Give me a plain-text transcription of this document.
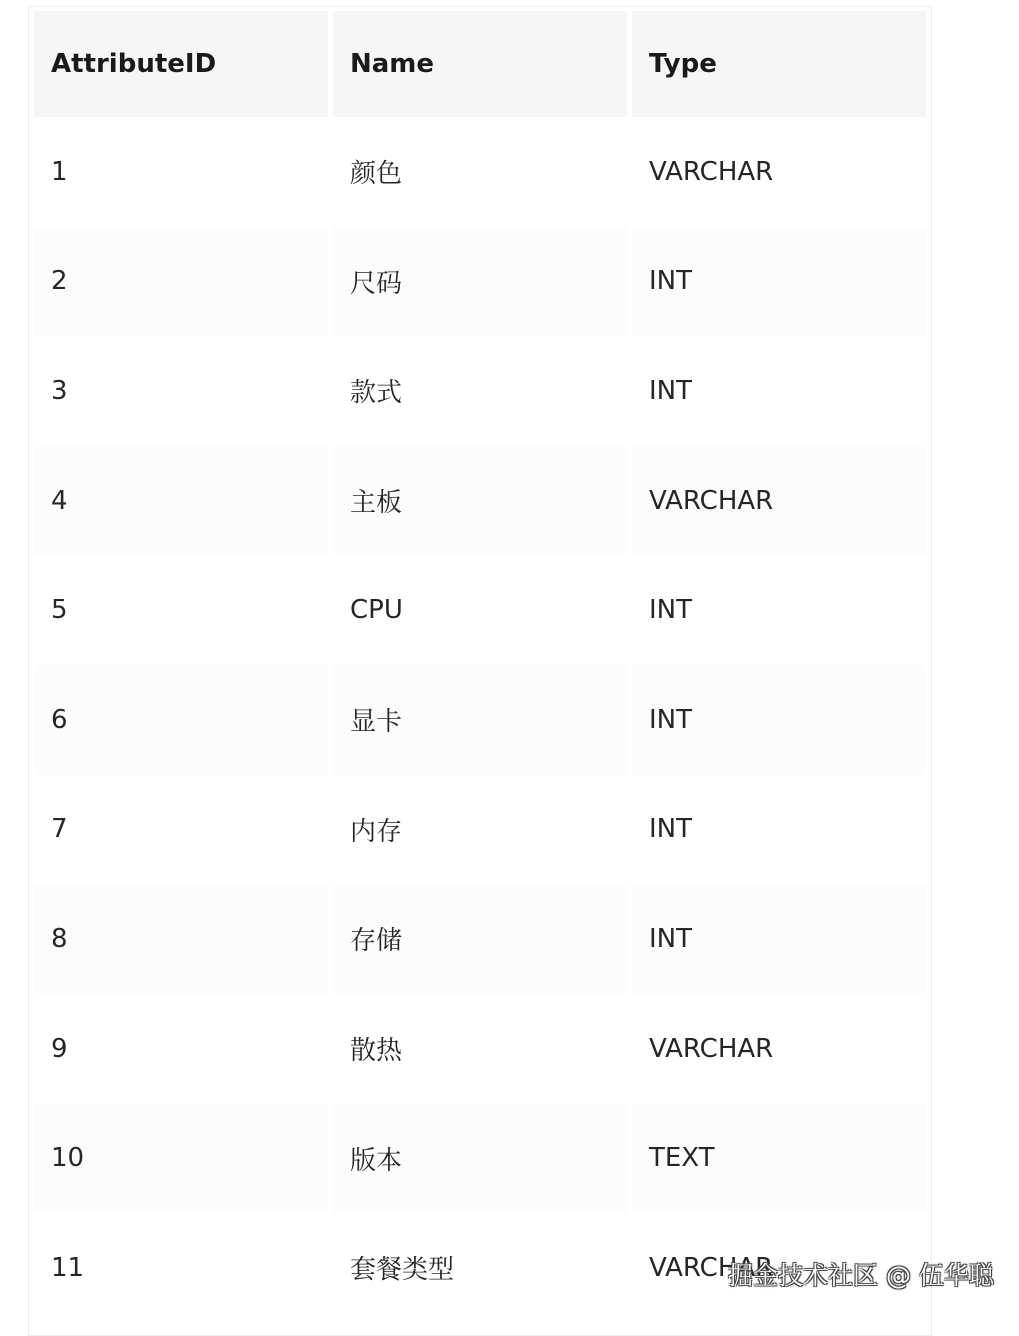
AttributeID	Name	Type
1	颜色	VARCHAR
2	尺码	INT
3	款式	INT
4	主板	VARCHAR
5	CPU	INT
6	显卡	INT
7	内存	INT
8	存储	INT
9	散热	VARCHAR
10	版本	TEXT
11	套餐类型	VARCHAR
掘金技术社区 @ 伍华聪
